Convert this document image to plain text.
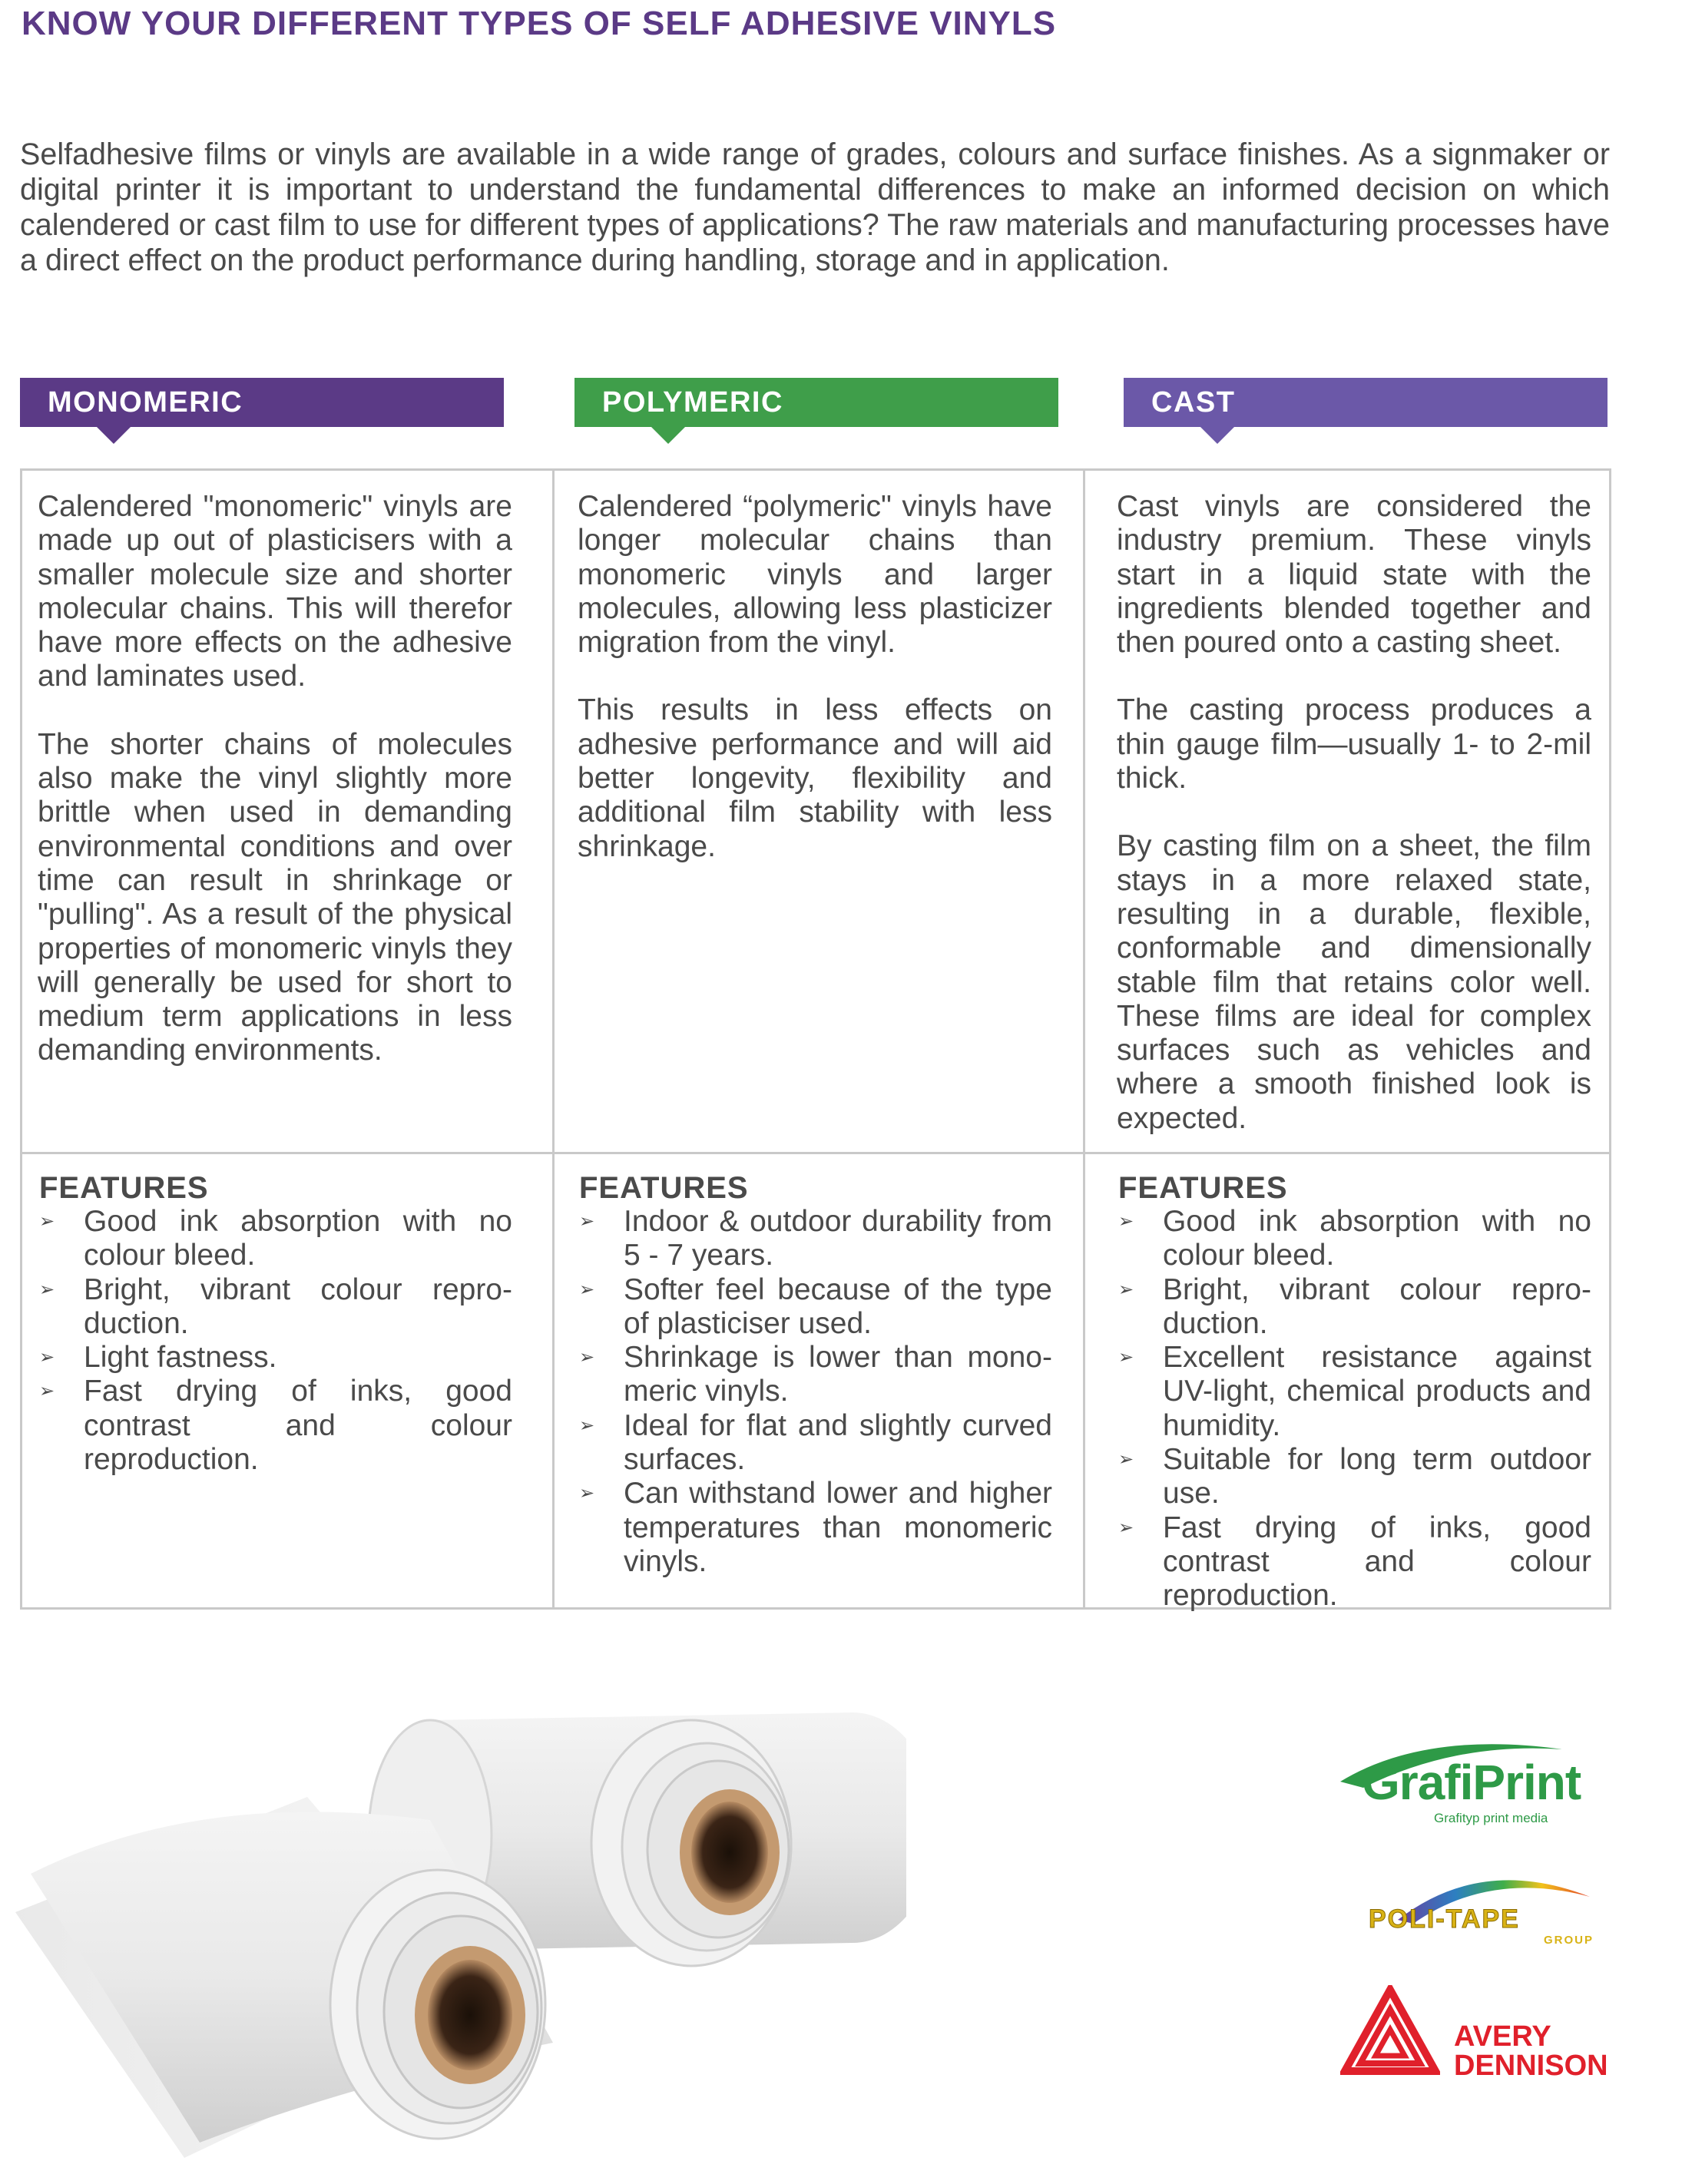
KNOW YOUR DIFFERENT TYPES OF SELF ADHESIVE VINYLS
Selfadhesive films or vinyls are available in a wide range of grades, colours and surface finishes. As a signmaker or digital printer it is important to understand the fundamental differences to make an informed decision on which calendered or cast film to use for different types of applications? The raw materials and manufacturing processes have a direct effect on the product performance during handling, storage and in application.
MONOMERIC	POLYMERIC	CAST

Calendered "monomeric" vinyls are made up out of plasticisers with a smaller molecule size and shorter molecular chains. This will therefor have more effects on the adhesive and laminates used.

The shorter chains of molecules also make the vinyl slightly more brittle when used in demanding environmental conditions and over time can result in shrinkage or "pulling". As a result of the physical properties of monomeric vinyls they will generally be used for short to medium term applications in less demanding environments.

Calendered “polymeric" vinyls have longer molecular chains than monomeric vinyls and larger molecules, allowing less plasticizer migration from the vinyl.

This results in less effects on adhesive performance and will aid better longevity, flexibility and additional film stability with less shrinkage.

Cast vinyls are considered the industry premium. These vinyls start in a liquid state with the ingredients blended together and then poured onto a casting sheet.

The casting process produces a thin gauge film—usually 1- to 2-mil thick.

By casting film on a sheet, the film stays in a more relaxed state, resulting in a durable, flexible, conformable and dimensionally stable film that retains color well. These films are ideal for complex surfaces such as vehicles and where a smooth finished look is expected.

FEATURES
➢ Good ink absorption with no colour bleed.
➢ Bright, vibrant colour repro-duction.
➢ Light fastness.
➢ Fast drying of inks, good contrast and colour reproduction.
FEATURES
➢ Indoor & outdoor durability from 5 - 7 years.
➢ Softer feel because of the type of plasticiser used.
➢ Shrinkage is lower than mono-meric vinyls.
➢ Ideal for flat and slightly curved surfaces.
➢ Can withstand lower and higher temperatures than monomeric vinyls.
FEATURES
➢ Good ink absorption with no colour bleed.
➢ Bright, vibrant colour repro-duction.
➢ Excellent resistance against UV-light, chemical products and humidity.
➢ Suitable for long term outdoor use.
➢ Fast drying of inks, good contrast and colour reproduction.
GrafiPrint
Grafityp print media
POLI-TAPE
GROUP
AVERY
DENNISON
